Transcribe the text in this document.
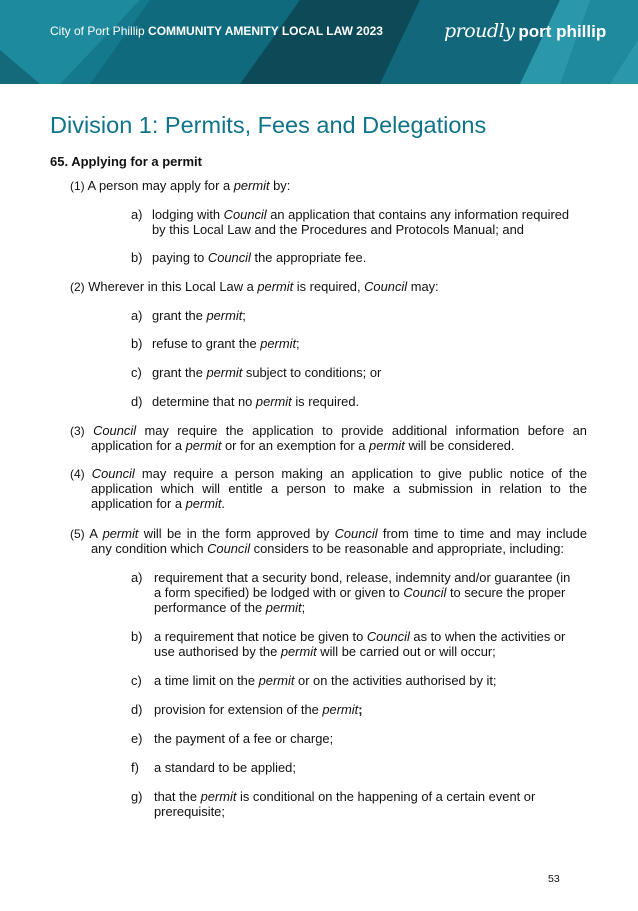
City of Port Phillip COMMUNITY AMENITY LOCAL LAW 2023	proudly port phillip
Division 1: Permits, Fees and Delegations
65. Applying for a permit
(1) A person may apply for a permit by:
a) lodging with Council an application that contains any information required
by this Local Law and the Procedures and Protocols Manual; and
b) paying to Council the appropriate fee.
(2) Wherever in this Local Law a permit is required, Council may:
a) grant the permit;
b) refuse to grant the permit;
c) grant the permit subject to conditions; or
d) determine that no permit is required.
(3) Council may require the application to provide additional information before an
application for a permit or for an exemption for a permit will be considered.
(4) Council may require a person making an application to give public notice of the
application which will entitle a person to make a submission in relation to the
application for a permit.
(5) A permit will be in the form approved by Council from time to time and may include
any condition which Council considers to be reasonable and appropriate, including:
a) requirement that a security bond, release, indemnity and/or guarantee (in
a form specified) be lodged with or given to Council to secure the proper
performance of the permit;
b) a requirement that notice be given to Council as to when the activities or
use authorised by the permit will be carried out or will occur;
c) a time limit on the permit or on the activities authorised by it;
d) provision for extension of the permit;
e) the payment of a fee or charge;
f) a standard to be applied;
g) that the permit is conditional on the happening of a certain event or
prerequisite;
53
